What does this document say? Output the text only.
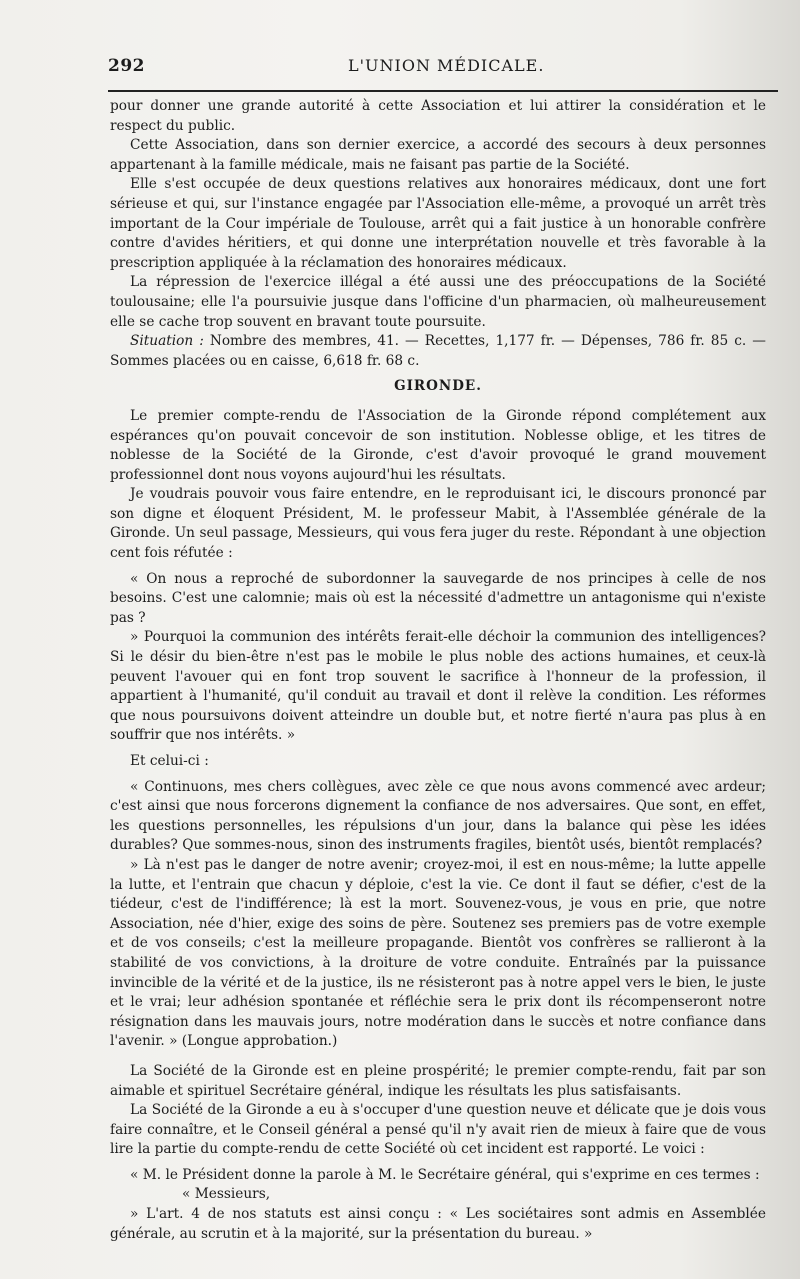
292	L'UNION MÉDICALE.

pour donner une grande autorité à cette Association et lui attirer la considération et le respect du public.

Cette Association, dans son dernier exercice, a accordé des secours à deux personnes appartenant à la famille médicale, mais ne faisant pas partie de la Société.

Elle s'est occupée de deux questions relatives aux honoraires médicaux, dont une fort sérieuse et qui, sur l'instance engagée par l'Association elle-même, a provoqué un arrêt très important de la Cour impériale de Toulouse, arrêt qui a fait justice à un honorable confrère contre d'avides héritiers, et qui donne une interprétation nouvelle et très favorable à la prescription appliquée à la réclamation des honoraires médicaux.

La répression de l'exercice illégal a été aussi une des préoccupations de la Société toulousaine; elle l'a poursuivie jusque dans l'officine d'un pharmacien, où malheureusement elle se cache trop souvent en bravant toute poursuite.

Situation : Nombre des membres, 41. — Recettes, 1,177 fr. — Dépenses, 786 fr. 85 c. — Sommes placées ou en caisse, 6,618 fr. 68 c.

GIRONDE.

Le premier compte-rendu de l'Association de la Gironde répond complétement aux espérances qu'on pouvait concevoir de son institution. Noblesse oblige, et les titres de noblesse de la Société de la Gironde, c'est d'avoir provoqué le grand mouvement professionnel dont nous voyons aujourd'hui les résultats.

Je voudrais pouvoir vous faire entendre, en le reproduisant ici, le discours prononcé par son digne et éloquent Président, M. le professeur Mabit, à l'Assemblée générale de la Gironde. Un seul passage, Messieurs, qui vous fera juger du reste. Répondant à une objection cent fois réfutée :

« On nous a reproché de subordonner la sauvegarde de nos principes à celle de nos besoins. C'est une calomnie; mais où est la nécessité d'admettre un antagonisme qui n'existe pas ?

» Pourquoi la communion des intérêts ferait-elle déchoir la communion des intelligences? Si le désir du bien-être n'est pas le mobile le plus noble des actions humaines, et ceux-là peuvent l'avouer qui en font trop souvent le sacrifice à l'honneur de la profession, il appartient à l'humanité, qu'il conduit au travail et dont il relève la condition. Les réformes que nous poursuivons doivent atteindre un double but, et notre fierté n'aura pas plus à en souffrir que nos intérêts. »

Et celui-ci :

« Continuons, mes chers collègues, avec zèle ce que nous avons commencé avec ardeur; c'est ainsi que nous forcerons dignement la confiance de nos adversaires. Que sont, en effet, les questions personnelles, les répulsions d'un jour, dans la balance qui pèse les idées durables? Que sommes-nous, sinon des instruments fragiles, bientôt usés, bientôt remplacés?

» Là n'est pas le danger de notre avenir; croyez-moi, il est en nous-même; la lutte appelle la lutte, et l'entrain que chacun y déploie, c'est la vie. Ce dont il faut se défier, c'est de la tiédeur, c'est de l'indifférence; là est la mort. Souvenez-vous, je vous en prie, que notre Association, née d'hier, exige des soins de père. Soutenez ses premiers pas de votre exemple et de vos conseils; c'est la meilleure propagande. Bientôt vos confrères se rallieront à la stabilité de vos convictions, à la droiture de votre conduite. Entraînés par la puissance invincible de la vérité et de la justice, ils ne résisteront pas à notre appel vers le bien, le juste et le vrai; leur adhésion spontanée et réfléchie sera le prix dont ils récompenseront notre résignation dans les mauvais jours, notre modération dans le succès et notre confiance dans l'avenir. » (Longue approbation.)

La Société de la Gironde est en pleine prospérité; le premier compte-rendu, fait par son aimable et spirituel Secrétaire général, indique les résultats les plus satisfaisants.

La Société de la Gironde a eu à s'occuper d'une question neuve et délicate que je dois vous faire connaître, et le Conseil général a pensé qu'il n'y avait rien de mieux à faire que de vous lire la partie du compte-rendu de cette Société où cet incident est rapporté. Le voici :

« M. le Président donne la parole à M. le Secrétaire général, qui s'exprime en ces termes :

« Messieurs,

» L'art. 4 de nos statuts est ainsi conçu : « Les sociétaires sont admis en Assemblée générale, au scrutin et à la majorité, sur la présentation du bureau. »
